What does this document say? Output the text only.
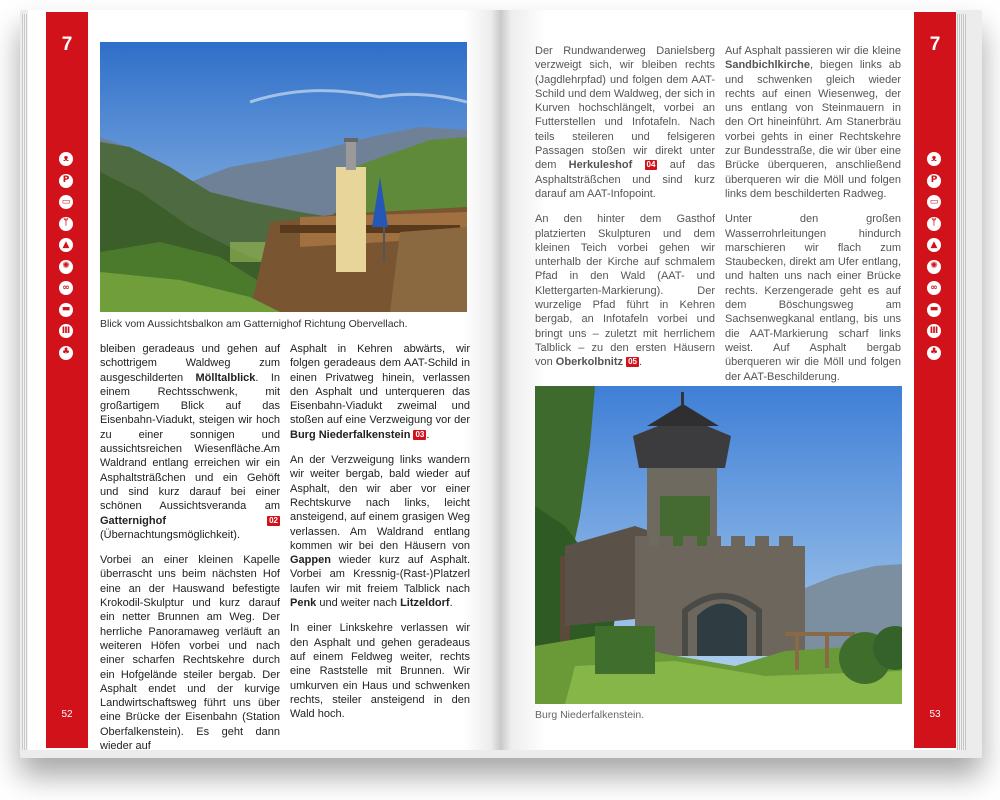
7
ᴥ
P
▭
ᛘ
▲
✺
∞
▬
Ⅲ
♣
52
Blick vom Aussichtsbalkon am Gatternighof Richtung Obervellach.

bleiben geradeaus und gehen auf schottrigem Waldweg zum ausgeschilderten Mölltalblick. In einem Rechtsschwenk, mit großartigem Blick auf das Eisenbahn-Viadukt, steigen wir hoch zu einer sonnigen und aussichtsreichen Wiesenfläche.Am Waldrand entlang erreichen wir ein Asphaltsträßchen und ein Gehöft und sind kurz darauf bei einer schönen Aussichtsveranda am Gatternighof	02 (Übernachtungsmöglichkeit).

Vorbei an einer kleinen Kapelle überrascht uns beim nächsten Hof eine an der Hauswand befestigte Krokodil-Skulptur und kurz darauf ein netter Brunnen am Weg. Der herrliche Panoramaweg verläuft an weiteren Höfen vorbei und nach einer scharfen Rechtskehre durch ein Hofgelände steiler bergab. Der Asphalt endet und der kurvige Landwirtschaftsweg führt uns über eine Brücke der Eisenbahn (Station Oberfalkenstein). Es geht dann wieder auf

Asphalt in Kehren abwärts, wir folgen geradeaus dem AAT-Schild in einen Privatweg hinein, verlassen den Asphalt und unterqueren das Eisenbahn-Viadukt zweimal und stoßen auf eine Verzweigung vor der Burg Niederfalkenstein 03 .

An der Verzweigung links wandern wir weiter bergab, bald wieder auf Asphalt, den wir aber vor einer Rechtskurve nach links, leicht ansteigend, auf einem grasigen Weg verlassen. Am Waldrand entlang kommen wir bei den Häusern von Gappen wieder kurz auf Asphalt. Vorbei am Kressnig-(Rast-)Platzerl laufen wir mit freiem Talblick nach Penk und weiter nach Litzeldorf.

In einer Linkskehre verlassen wir den Asphalt und gehen geradeaus auf einem Feldweg weiter, rechts eine Raststelle mit Brunnen. Wir umkurven ein Haus und schwenken rechts, steiler ansteigend in den Wald hoch.

7
ᴥ
P
▭
ᛘ
▲
✺
∞
▬
Ⅲ
♣
53

Der Rundwanderweg Danielsberg verzweigt sich, wir bleiben rechts (Jagdlehrpfad) und folgen dem AAT-Schild und dem Waldweg, der sich in Kurven hochschlängelt, vorbei an Futterstellen und Infotafeln. Nach teils steileren und felsigeren Passagen stoßen wir direkt unter dem Herkuleshof 04 auf das Asphaltsträßchen und sind kurz darauf am AAT-Infopoint.

An den hinter dem Gasthof platzierten Skulpturen und dem kleinen Teich vorbei gehen wir unterhalb der Kirche auf schmalem Pfad in den Wald (AAT- und Klettergarten-Markierung). Der wurzelige Pfad führt in Kehren bergab, an Infotafeln vorbei und bringt uns – zuletzt mit herrlichem Talblick – zu den ersten Häusern von Oberkolbnitz 05 .

Auf Asphalt passieren wir die kleine Sandbichlkirche, biegen links ab und schwenken gleich wieder rechts auf einen Wiesenweg, der uns entlang von Steinmauern in den Ort hineinführt. Am Stanerbräu vorbei gehts in einer Rechtskehre zur Bundesstraße, die wir über eine Brücke überqueren, anschließend überqueren wir die Möll und folgen links dem beschilderten Radweg.

Unter den großen Wasserrohrleitungen hindurch marschieren wir flach zum Staubecken, direkt am Ufer entlang, und halten uns nach einer Brücke rechts. Kerzengerade geht es auf dem Böschungsweg am Sachsenwegkanal entlang, bis uns die AAT-Markierung scharf links weist. Auf Asphalt bergab überqueren wir die Möll und folgen der AAT-Beschilderung.

Burg Niederfalkenstein.
